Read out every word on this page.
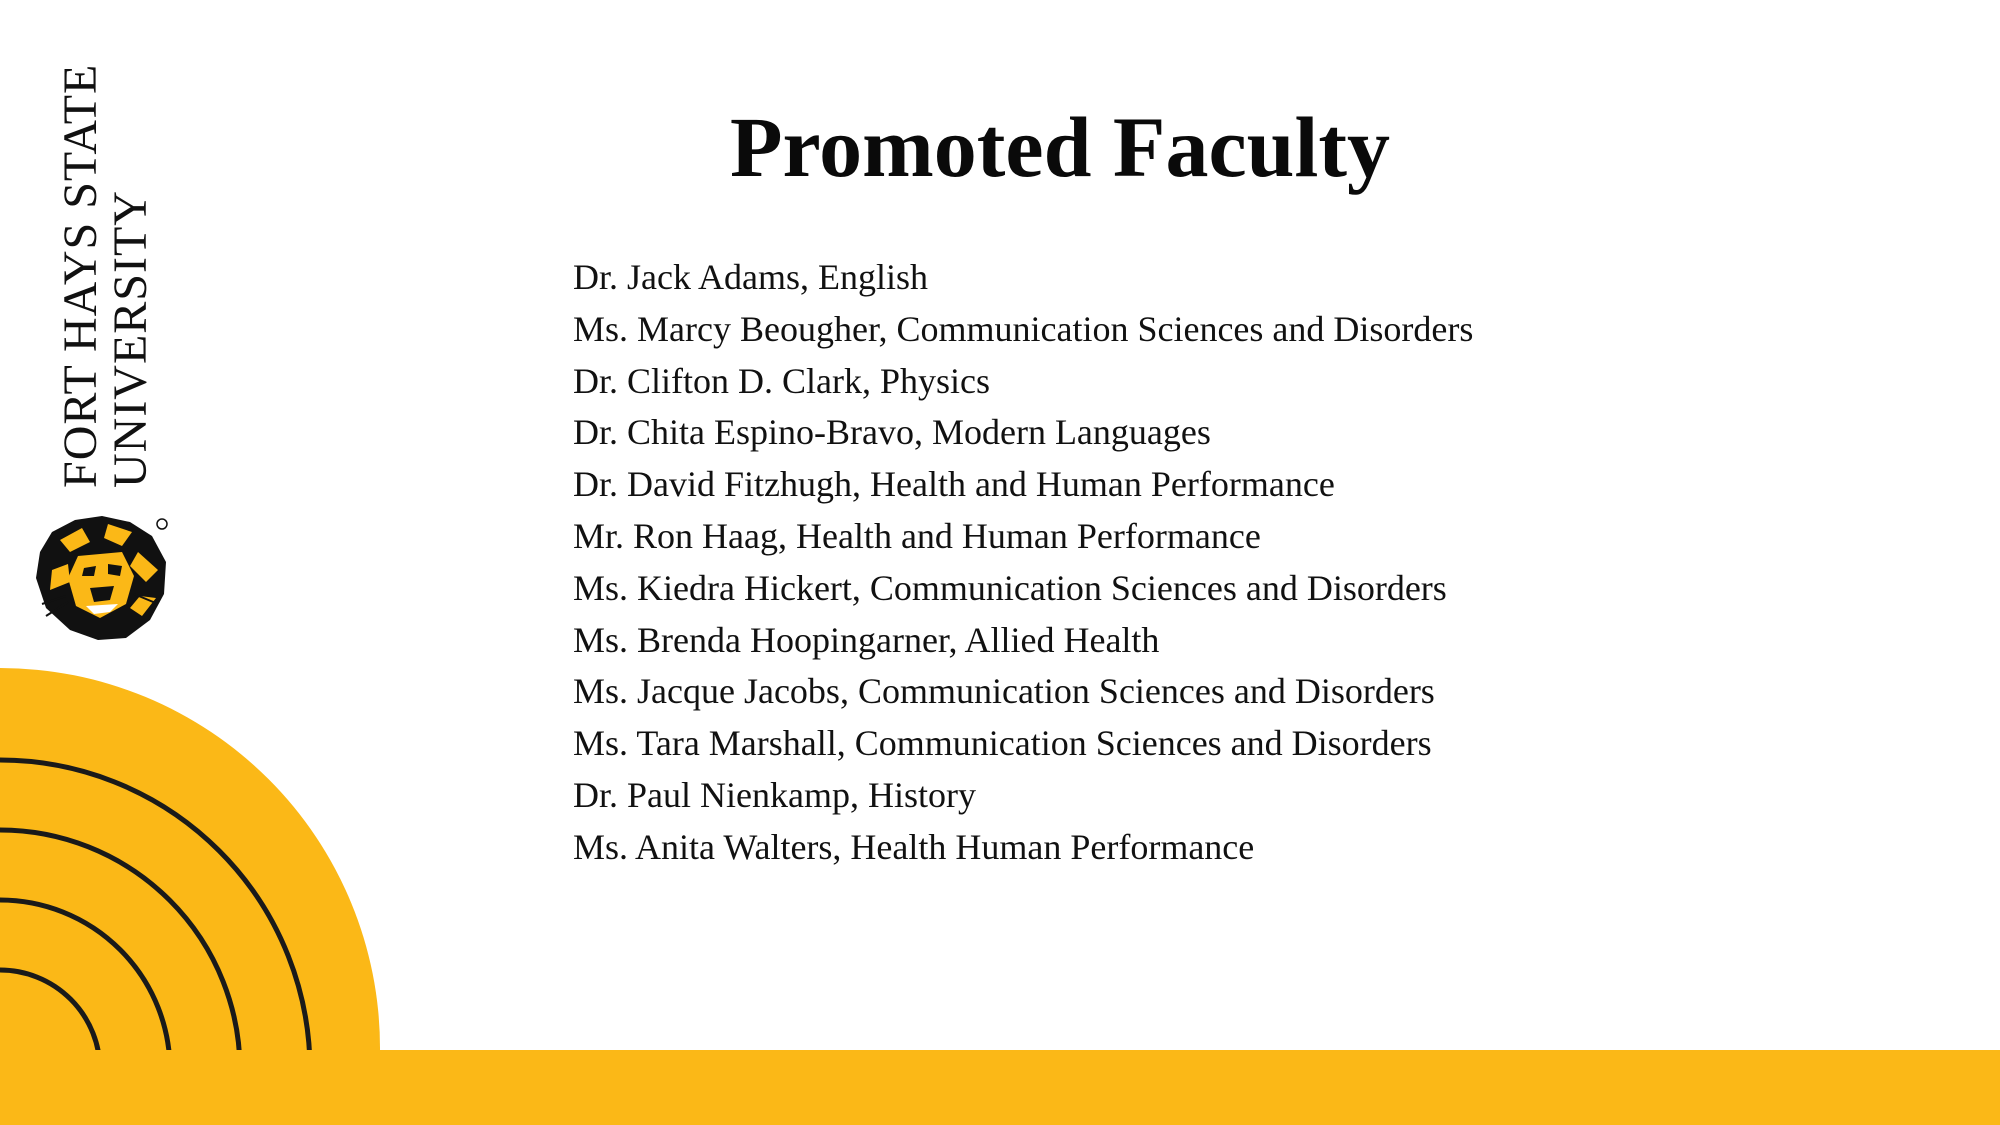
FORT HAYS STATE
UNIVERSITY
Promoted Faculty
Dr. Jack Adams, English
Ms. Marcy Beougher, Communication Sciences and Disorders
Dr. Clifton D. Clark, Physics
Dr. Chita Espino-Bravo, Modern Languages
Dr. David Fitzhugh, Health and Human Performance
Mr. Ron Haag, Health and Human Performance
Ms. Kiedra Hickert, Communication Sciences and Disorders
Ms. Brenda Hoopingarner, Allied Health
Ms. Jacque Jacobs, Communication Sciences and Disorders
Ms. Tara Marshall, Communication Sciences and Disorders
Dr. Paul Nienkamp, History
Ms. Anita Walters, Health Human Performance
